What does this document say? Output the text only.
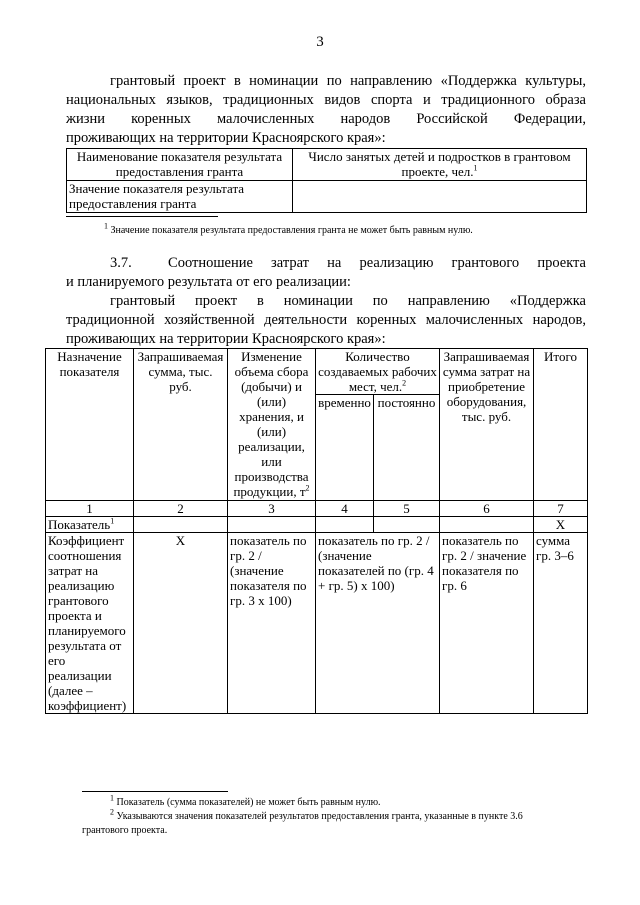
3
грантовый проект в номинации по направлению «Поддержка культуры,
национальных языков, традиционных видов спорта и традиционного образа
жизни коренных малочисленных народов Российской Федерации,
проживающих на территории Красноярского края»:
Наименование показателя результата предоставления гранта	Число занятых детей и подростков в грантовом проекте, чел.$^1$
Значение показателя результата предоставления гранта	
$^1$ Значение показателя результата предоставления гранта не может быть равным нулю.
3.7.	Соотношение затрат на реализацию грантового проекта
и планируемого результата от его реализации:
грантовый проект в номинации по направлению «Поддержка
традиционной хозяйственной деятельности коренных малочисленных народов,
проживающих на территории Красноярского края»:
Назначение показателя	Запрашиваемая сумма, тыс. руб.	Изменение объема сбора (добычи) и (или) хранения, и (или) реализации, или производства продукции, $т^2$	Количество создаваемых рабочих мест, чел.$^2$		Запрашиваемая сумма затрат на приобретение оборудования, тыс. руб.	Итого
			временно	постоянно		
1	2	3	4	5	6	7
Показатель$^1$						Х
Коэффициент соотношения затрат на реализацию грантового проекта и планируемого результата от его реализации (далее – коэффициент)	Х	показатель по гр. 2 / (значение показателя по гр. 3 х 100)	показатель по гр. 2 / (значение показателей по (гр. 4 + гр. 5) х 100)		показатель по гр. 2 / значение показателя по гр. 6	сумма гр. 3–6
$^1$ Показатель (сумма показателей) не может быть равным нулю.
$^2$ Указываются значения показателей результатов предоставления гранта, указанные в пункте 3.6
грантового проекта.
